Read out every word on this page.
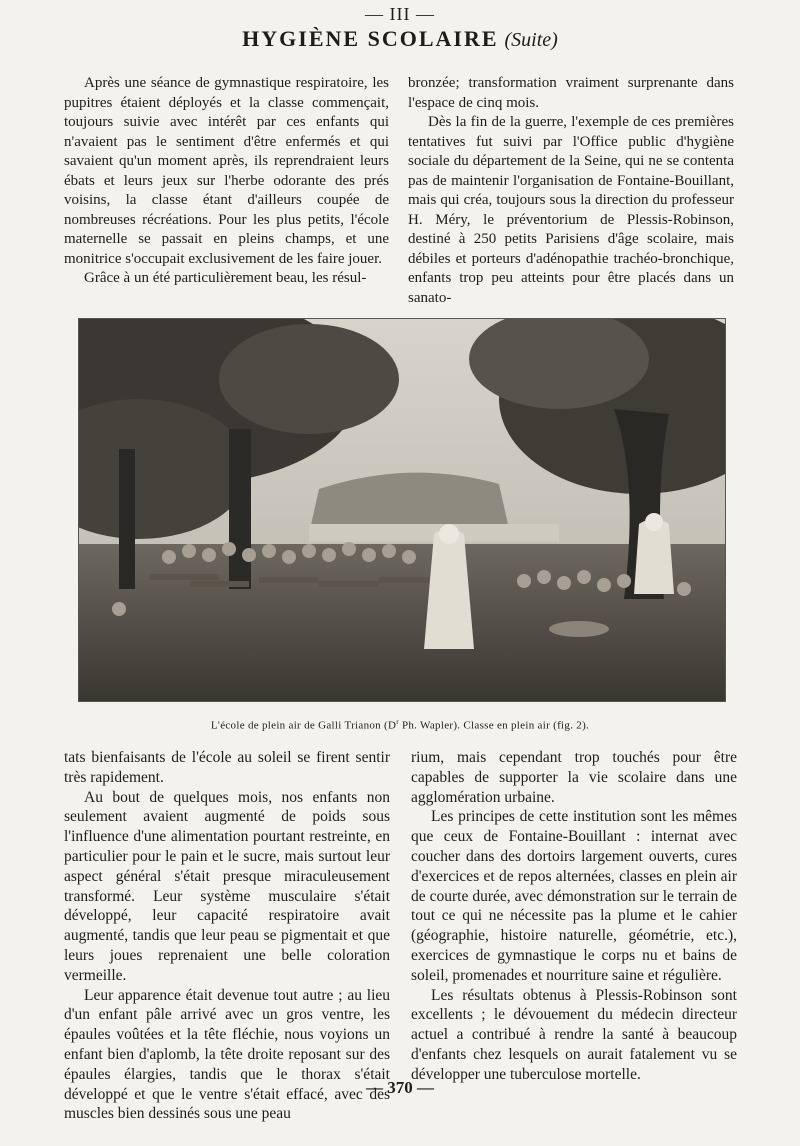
— III —
HYGIÈNE SCOLAIRE (Suite)

Après une séance de gymnastique respiratoire, les pupitres étaient déployés et la classe commençait, toujours suivie avec intérêt par ces enfants qui n'avaient pas le sentiment d'être enfermés et qui savaient qu'un moment après, ils reprendraient leurs ébats et leurs jeux sur l'herbe odorante des prés voisins, la classe étant d'ailleurs coupée de nombreuses récréations. Pour les plus petits, l'école maternelle se passait en pleins champs, et une monitrice s'occupait exclusivement de les faire jouer.

Grâce à un été particulièrement beau, les résul-

bronzée; transformation vraiment surprenante dans l'espace de cinq mois.

Dès la fin de la guerre, l'exemple de ces premières tentatives fut suivi par l'Office public d'hygiène sociale du département de la Seine, qui ne se contenta pas de maintenir l'organisation de Fontaine-Bouillant, mais qui créa, toujours sous la direction du professeur H. Méry, le préventorium de Plessis-Robinson, destiné à 250 petits Parisiens d'âge scolaire, mais débiles et porteurs d'adénopathie trachéo-bronchique, enfants trop peu atteints pour être placés dans un sanato-

L'école de plein air de Galli Trianon ($D^r$ Ph. Wapler). Classe en plein air (fig. 2).

tats bienfaisants de l'école au soleil se firent sentir très rapidement.

Au bout de quelques mois, nos enfants non seulement avaient augmenté de poids sous l'influence d'une alimentation pourtant restreinte, en particulier pour le pain et le sucre, mais surtout leur aspect général s'était presque miraculeusement transformé. Leur système musculaire s'était développé, leur capacité respiratoire avait augmenté, tandis que leur peau se pigmentait et que leurs joues reprenaient une belle coloration vermeille.

Leur apparence était devenue tout autre ; au lieu d'un enfant pâle arrivé avec un gros ventre, les épaules voûtées et la tête fléchie, nous voyions un enfant bien d'aplomb, la tête droite reposant sur des épaules élargies, tandis que le thorax s'était développé et que le ventre s'était effacé, avec des muscles bien dessinés sous une peau

rium, mais cependant trop touchés pour être capables de supporter la vie scolaire dans une agglomération urbaine.

Les principes de cette institution sont les mêmes que ceux de Fontaine-Bouillant : internat avec coucher dans des dortoirs largement ouverts, cures d'exercices et de repos alternées, classes en plein air de courte durée, avec démonstration sur le terrain de tout ce qui ne nécessite pas la plume et le cahier (géographie, histoire naturelle, géométrie, etc.), exercices de gymnastique le corps nu et bains de soleil, promenades et nourriture saine et régulière.

Les résultats obtenus à Plessis-Robinson sont excellents ; le dévouement du médecin directeur actuel a contribué à rendre la santé à beaucoup d'enfants chez lesquels on aurait fatalement vu se développer une tuberculose mortelle.

— 370 —
